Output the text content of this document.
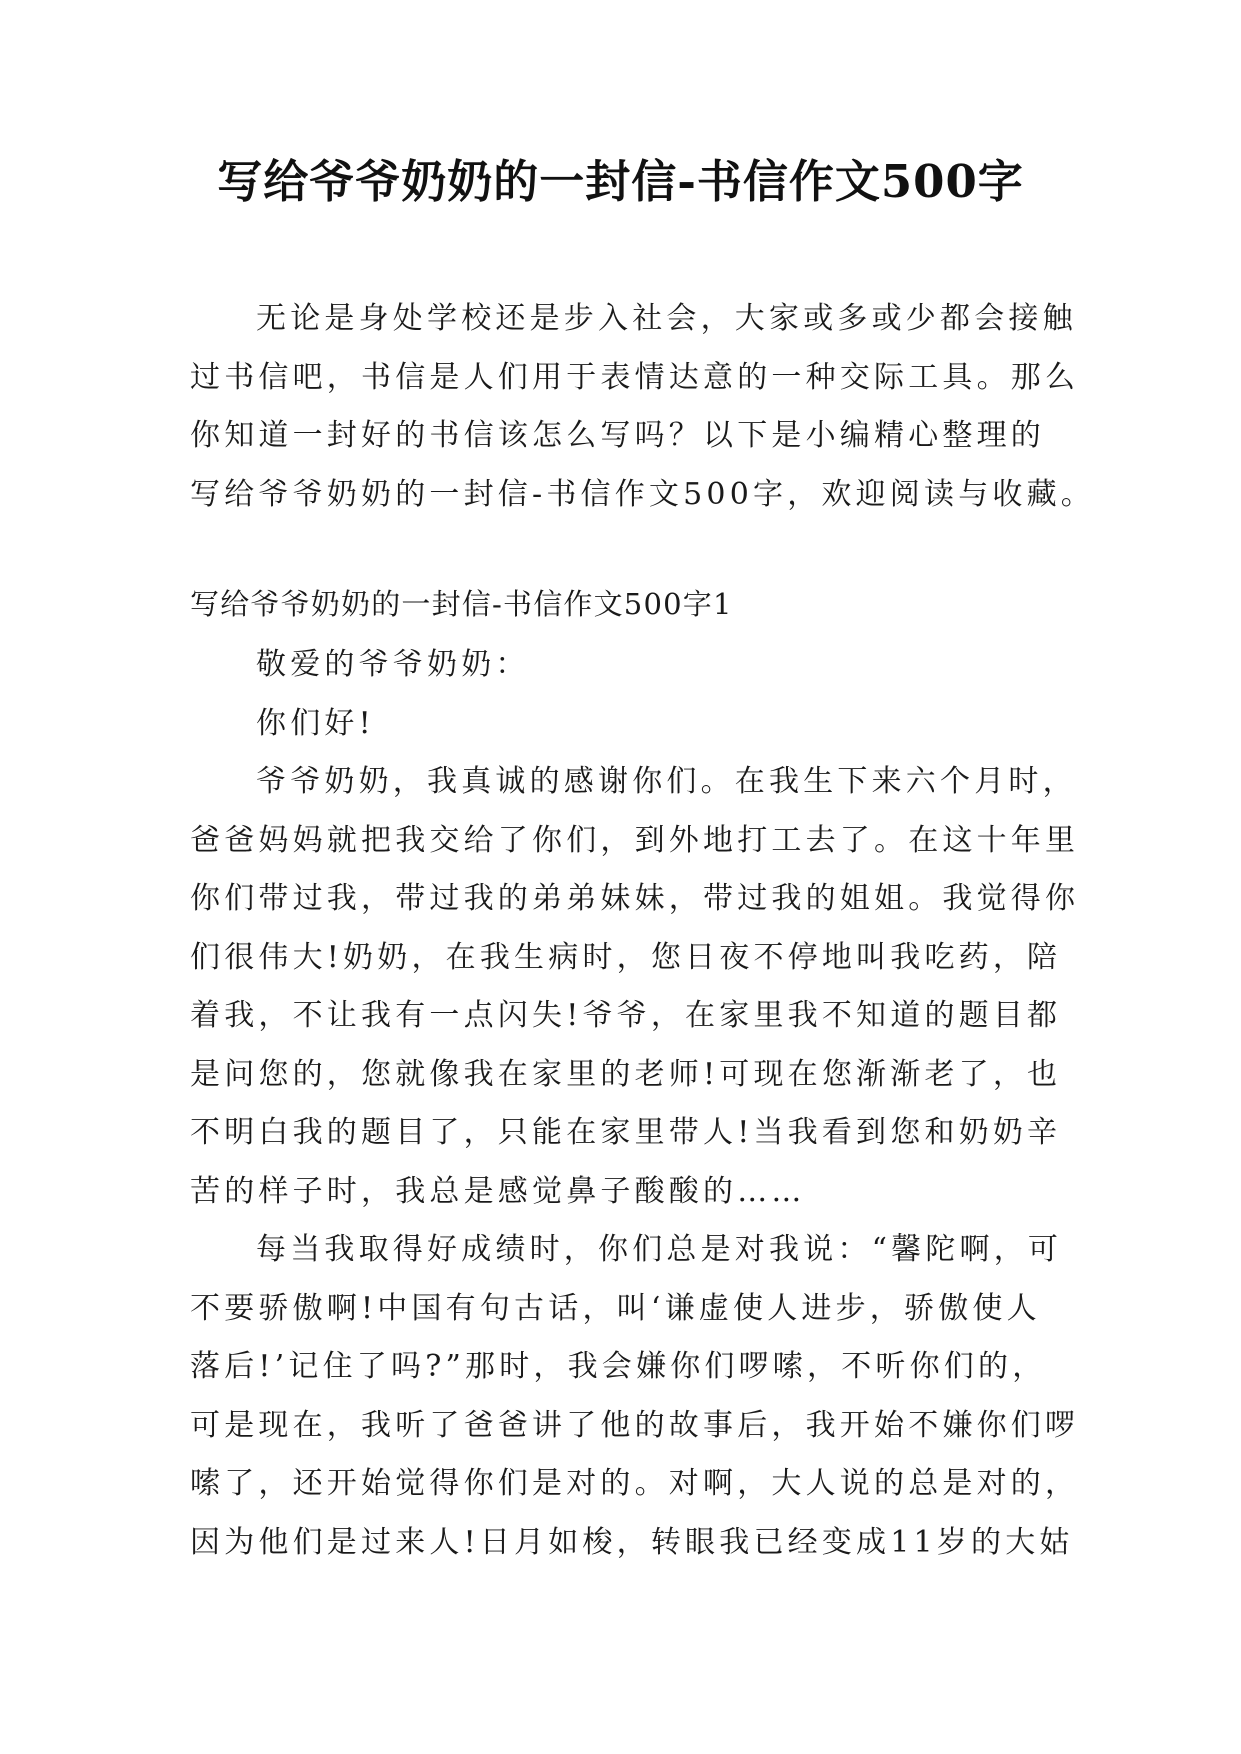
写给爷爷奶奶的一封信-书信作文500字
无论是身处学校还是步入社会，大家或多或少都会接触
过书信吧，书信是人们用于表情达意的一种交际工具。那么
你知道一封好的书信该怎么写吗？以下是小编精心整理的
写给爷爷奶奶的一封信-书信作文500字，欢迎阅读与收藏。
写给爷爷奶奶的一封信-书信作文500字1
敬爱的爷爷奶奶：
你们好!
爷爷奶奶，我真诚的感谢你们。在我生下来六个月时，
爸爸妈妈就把我交给了你们，到外地打工去了。在这十年里
你们带过我，带过我的弟弟妹妹，带过我的姐姐。我觉得你
们很伟大!奶奶，在我生病时，您日夜不停地叫我吃药，陪
着我，不让我有一点闪失!爷爷，在家里我不知道的题目都
是问您的，您就像我在家里的老师!可现在您渐渐老了，也
不明白我的题目了，只能在家里带人!当我看到您和奶奶辛
苦的样子时，我总是感觉鼻子酸酸的……
每当我取得好成绩时，你们总是对我说：“馨陀啊，可
不要骄傲啊!中国有句古话，叫‘谦虚使人进步，骄傲使人
落后!’记住了吗?”那时，我会嫌你们啰嗦，不听你们的，
可是现在，我听了爸爸讲了他的故事后，我开始不嫌你们啰
嗦了，还开始觉得你们是对的。对啊，大人说的总是对的，
因为他们是过来人!日月如梭，转眼我已经变成11岁的大姑
